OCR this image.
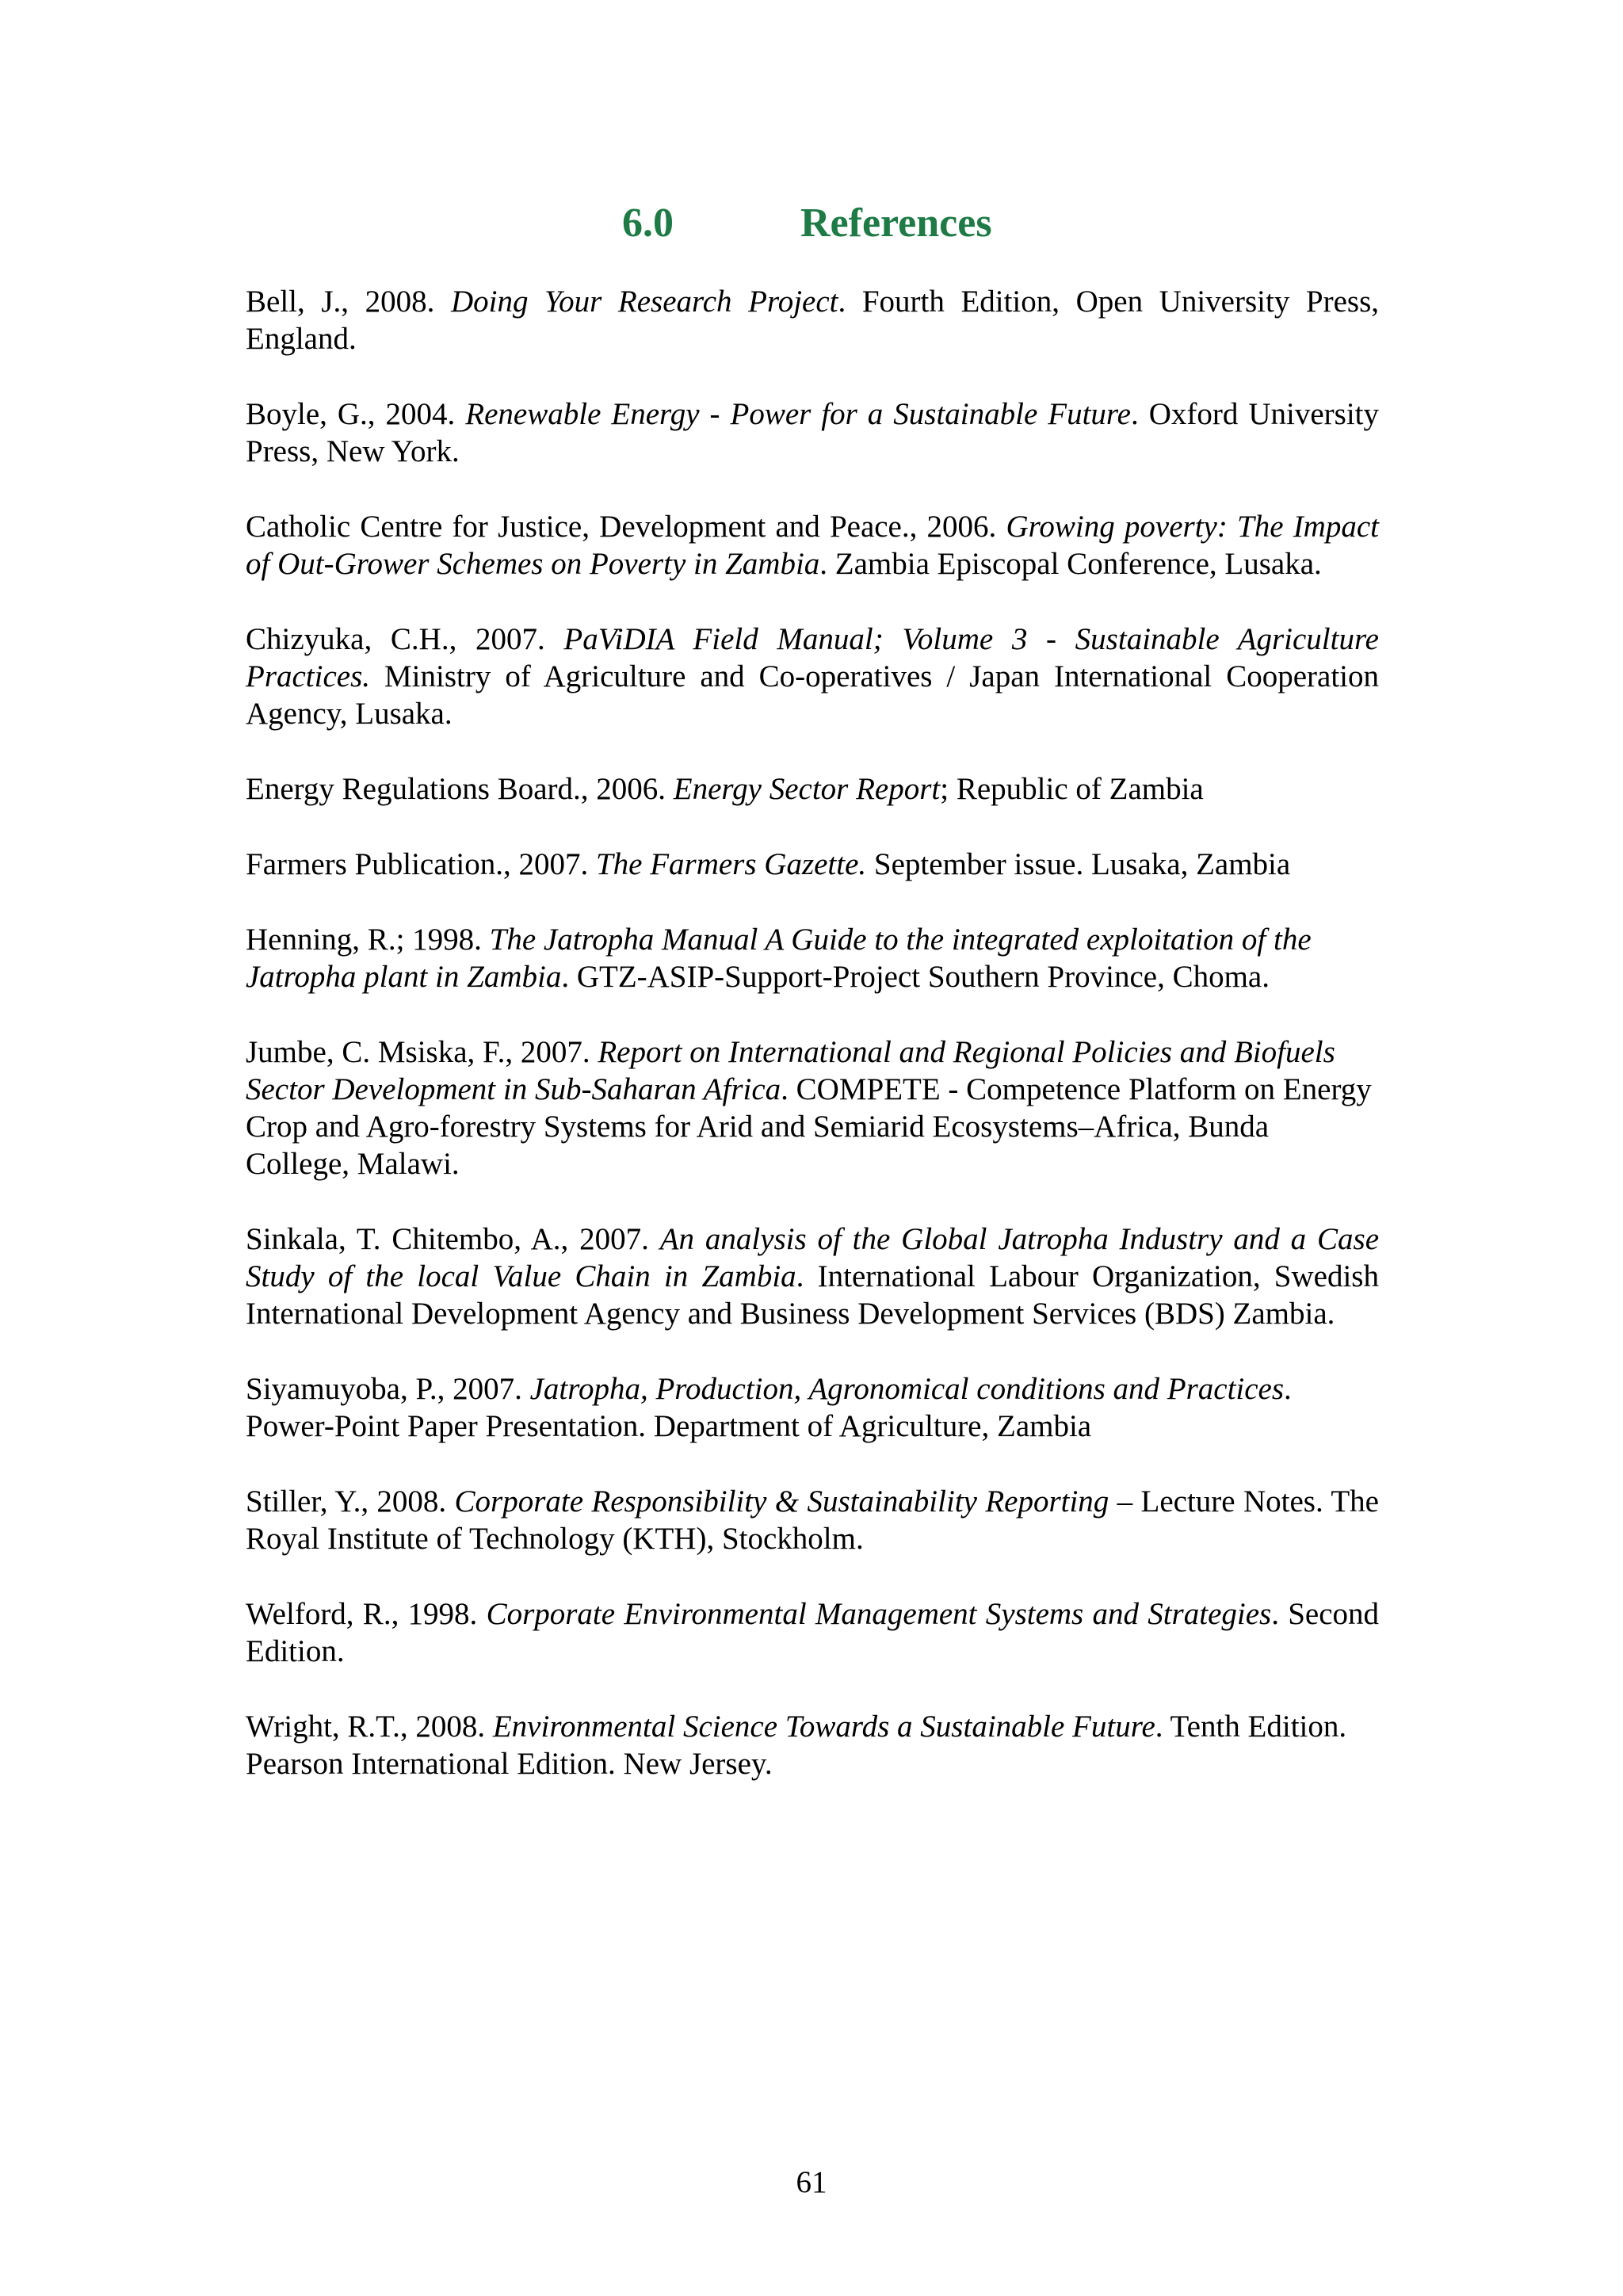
6.0	References

Bell, J., 2008. Doing Your Research Project. Fourth Edition, Open University Press, England.

Boyle, G., 2004. Renewable Energy - Power for a Sustainable Future. Oxford University Press, New York.

Catholic Centre for Justice, Development and Peace., 2006. Growing poverty: The Impact of Out-Grower Schemes on Poverty in Zambia. Zambia Episcopal Conference, Lusaka.

Chizyuka, C.H., 2007. PaViDIA Field Manual; Volume 3 - Sustainable Agriculture Practices. Ministry of Agriculture and Co-operatives / Japan International Cooperation Agency, Lusaka.

Energy Regulations Board., 2006. Energy Sector Report; Republic of Zambia

Farmers Publication., 2007. The Farmers Gazette. September issue. Lusaka, Zambia

Henning, R.; 1998. The Jatropha Manual A Guide to the integrated exploitation of the Jatropha plant in Zambia. GTZ-ASIP-Support-Project Southern Province, Choma.

Jumbe, C. Msiska, F., 2007. Report on International and Regional Policies and Biofuels Sector Development in Sub-Saharan Africa. COMPETE - Competence Platform on Energy Crop and Agro-forestry Systems for Arid and Semiarid Ecosystems–Africa, Bunda College, Malawi.

Sinkala, T. Chitembo, A., 2007. An analysis of the Global Jatropha Industry and a Case Study of the local Value Chain in Zambia. International Labour Organization, Swedish International Development Agency and Business Development Services (BDS) Zambia.

Siyamuyoba, P., 2007. Jatropha, Production, Agronomical conditions and Practices. Power-Point Paper Presentation. Department of Agriculture, Zambia

Stiller, Y., 2008. Corporate Responsibility & Sustainability Reporting – Lecture Notes. The Royal Institute of Technology (KTH), Stockholm.

Welford, R., 1998. Corporate Environmental Management Systems and Strategies. Second Edition.

Wright, R.T., 2008. Environmental Science Towards a Sustainable Future. Tenth Edition. Pearson International Edition. New Jersey.

61
